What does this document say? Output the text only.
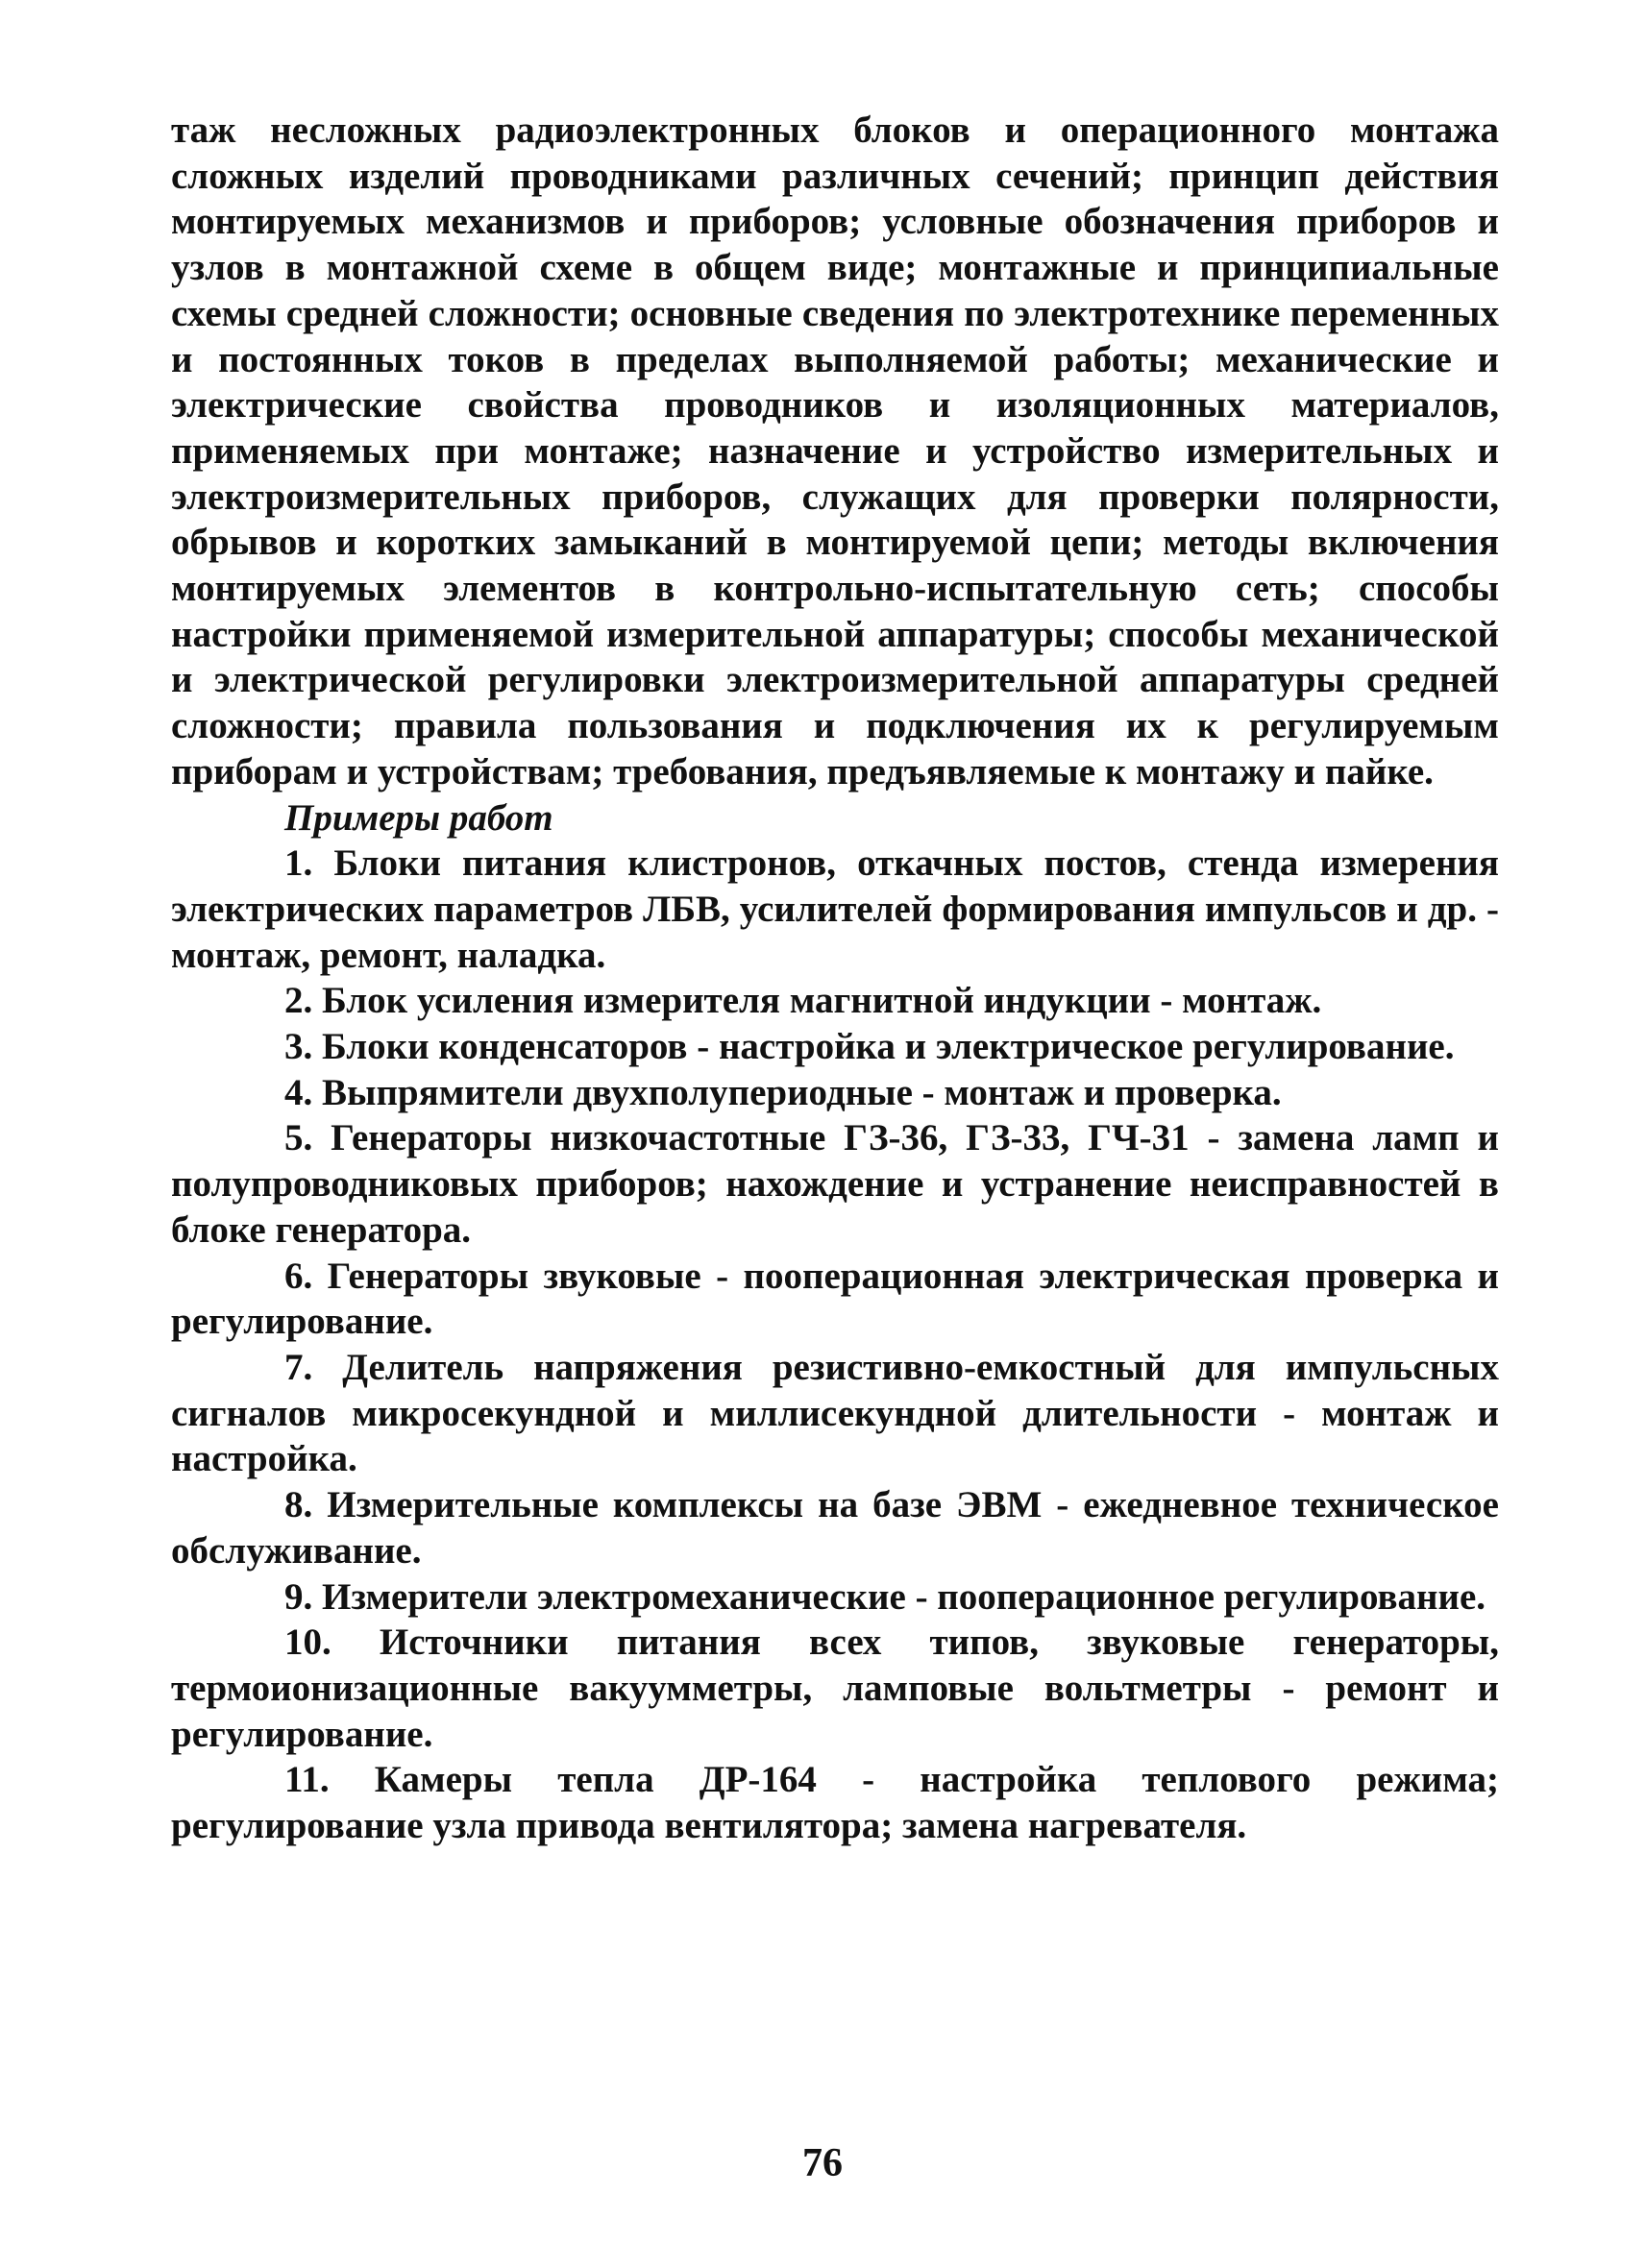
таж несложных радиоэлектронных блоков и операционного монтажа сложных изделий проводниками различных сечений; принцип действия монтируемых механизмов и приборов; условные обозначения приборов и узлов в монтажной схеме в общем виде; монтажные и принципиальные схемы средней сложности; основные сведения по электротехнике переменных и постоянных токов в пределах выполняемой работы; механические и электрические свойства проводников и изоляционных материалов, применяемых при монтаже; назначение и устройство измерительных и электроизмерительных приборов, служащих для проверки полярности, обрывов и коротких замыканий в монтируемой цепи; методы включения монтируемых элементов в контрольно-испытательную сеть; способы настройки применяемой измерительной аппаратуры; способы механической и электрической регулировки электроизмерительной аппаратуры средней сложности; правила пользования и подключения их к регулируемым приборам и устройствам; требования, предъявляемые к монтажу и пайке.

Примеры работ

1. Блоки питания клистронов, откачных постов, стенда измерения электрических параметров ЛБВ, усилителей формирования импульсов и др. - монтаж, ремонт, наладка.

2. Блок усиления измерителя магнитной индукции - монтаж.

3. Блоки конденсаторов - настройка и электрическое регулирование.

4. Выпрямители двухполупериодные - монтаж и проверка.

5. Генераторы низкочастотные ГЗ-36, ГЗ-33, ГЧ-31 - замена ламп и полупроводниковых приборов; нахождение и устранение неисправностей в блоке генератора.

6. Генераторы звуковые - пооперационная электрическая проверка и регулирование.

7. Делитель напряжения резистивно-емкостный для импульсных сигналов микросекундной и миллисекундной длительности - монтаж и настройка.

8. Измерительные комплексы на базе ЭВМ - ежедневное техническое обслуживание.

9. Измерители электромеханические - пооперационное регулирование.

10. Источники питания всех типов, звуковые генераторы, термоионизационные вакуумметры, ламповые вольтметры - ремонт и регулирование.

11. Камеры тепла ДР-164 - настройка теплового режима; регулирование узла привода вентилятора; замена нагревателя.

76
